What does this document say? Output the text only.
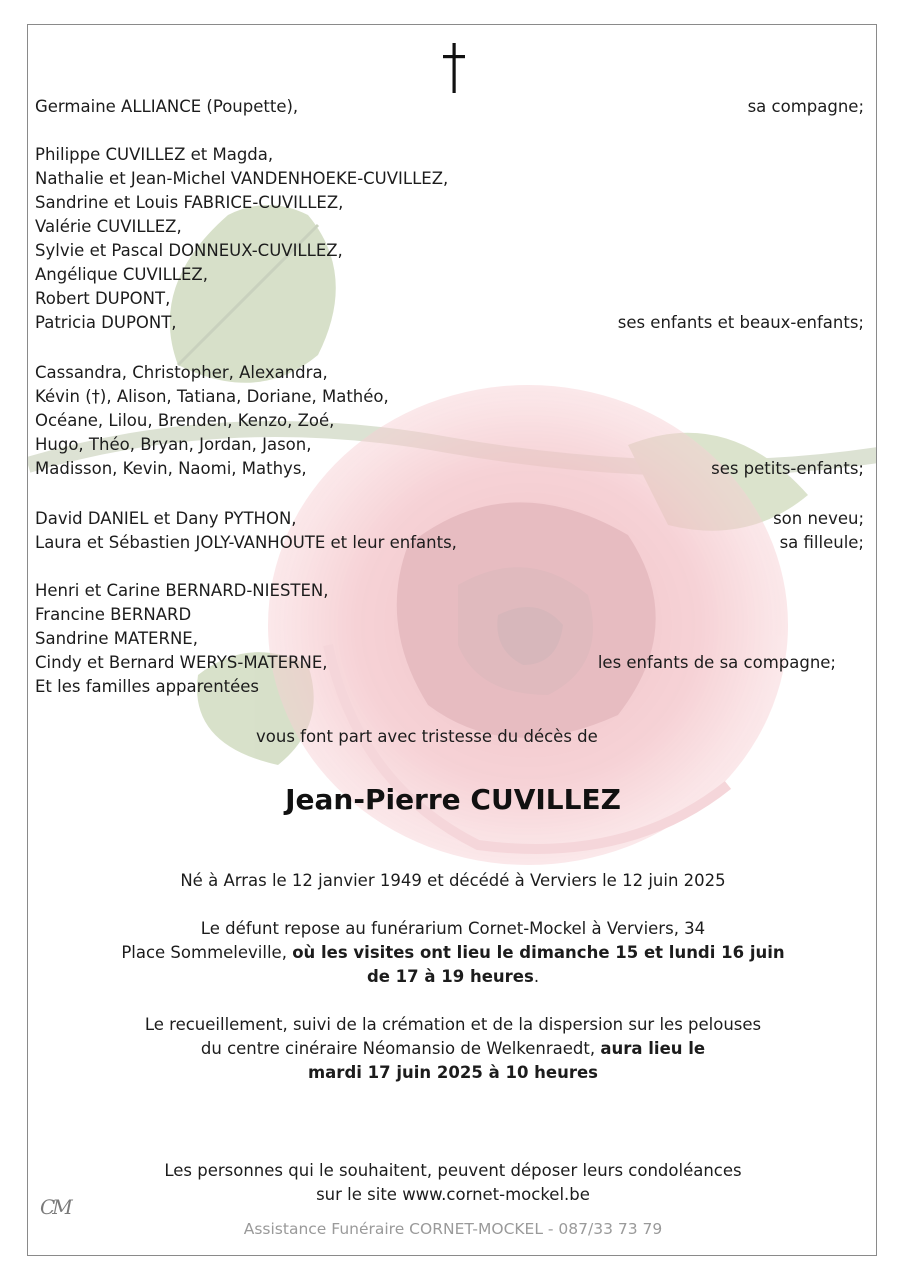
Germaine ALLIANCE (Poupette),	sa compagne;

Philippe CUVILLEZ et Magda,

Nathalie et Jean-Michel VANDENHOEKE-CUVILLEZ,

Sandrine et Louis FABRICE-CUVILLEZ,

Valérie CUVILLEZ,

Sylvie et Pascal DONNEUX-CUVILLEZ,

Angélique CUVILLEZ,

Robert DUPONT,

Patricia DUPONT,	ses enfants et beaux-enfants;

Cassandra, Christopher, Alexandra,

Kévin (†), Alison, Tatiana, Doriane, Mathéo,

Océane, Lilou, Brenden, Kenzo, Zoé,

Hugo, Théo, Bryan, Jordan, Jason,

Madisson, Kevin, Naomi, Mathys,	ses petits-enfants;

David DANIEL et Dany PYTHON,	son neveu;

Laura et Sébastien JOLY-VANHOUTE et leur enfants,	sa filleule;

Henri et Carine BERNARD-NIESTEN,

Francine BERNARD

Sandrine MATERNE,

Cindy et Bernard WERYS-MATERNE,	les enfants de sa compagne;

Et les familles apparentées

vous font part avec tristesse du décès de

Jean-Pierre CUVILLEZ

Né à Arras le 12 janvier 1949 et décédé à Verviers le 12 juin 2025

Le défunt repose au funérarium Cornet-Mockel à Verviers, 34

Place Sommeleville, où les visites ont lieu le dimanche 15 et lundi 16 juin

de 17 à 19 heures.

Le recueillement, suivi de la crémation et de la dispersion sur les pelouses

du centre cinéraire Néomansio de Welkenraedt, aura lieu le

mardi 17 juin 2025 à 10 heures

Les personnes qui le souhaitent, peuvent déposer leurs condoléances

sur le site www.cornet-mockel.be

CM

Assistance Funéraire CORNET-MOCKEL - 087/33 73 79
